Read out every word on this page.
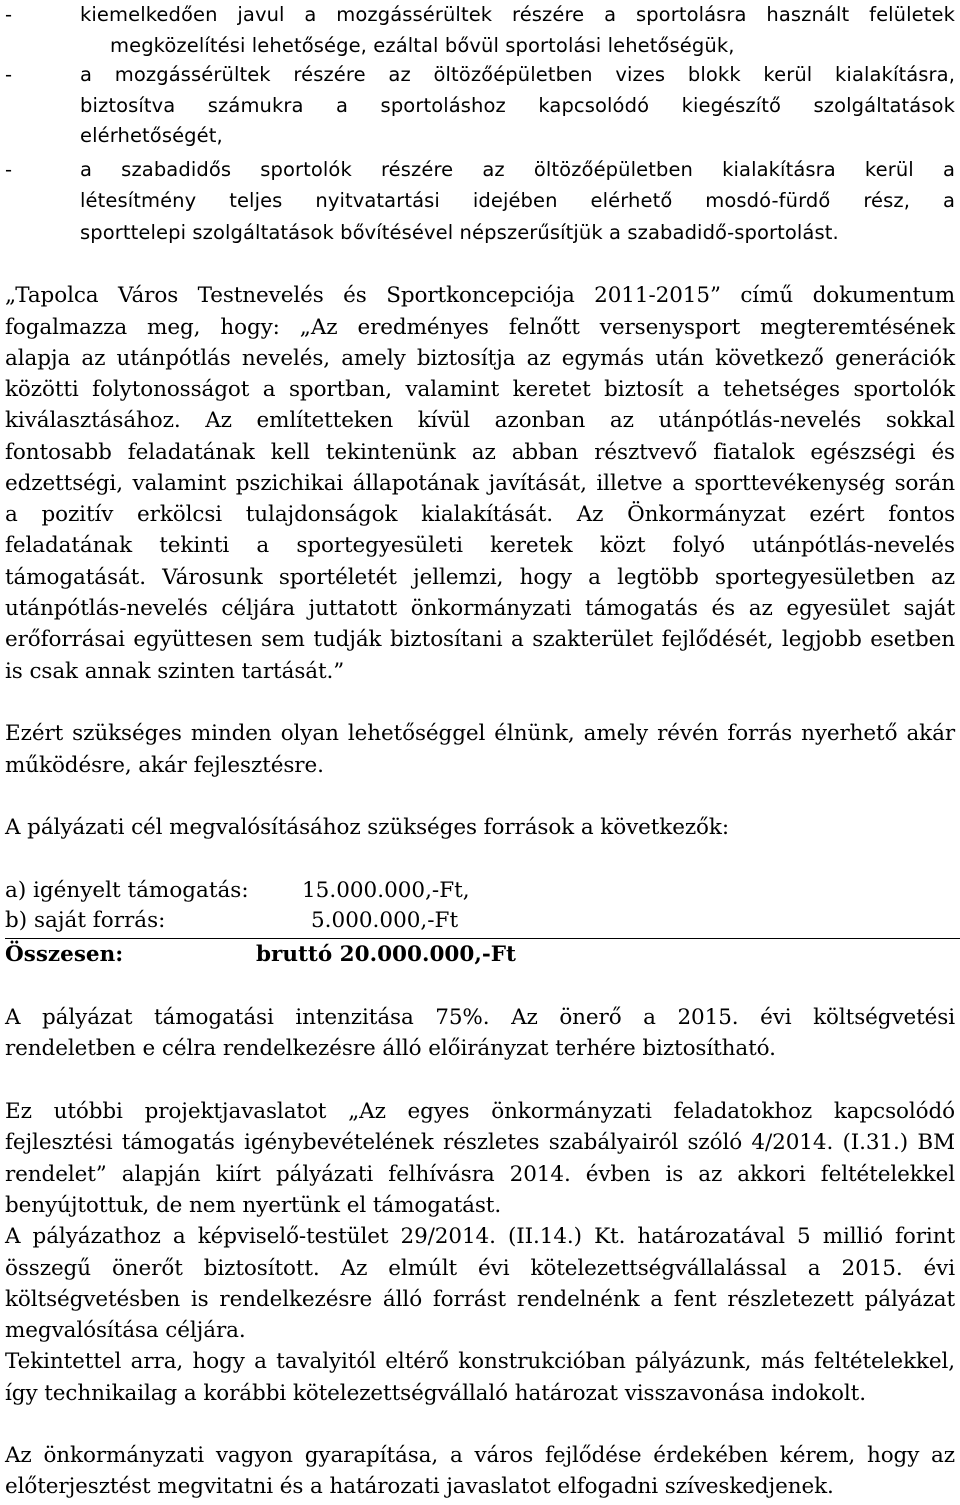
-	kiemelkedően javul a mozgássérültek részére a sportolásra használt felületek
megközelítési lehetősége, ezáltal bővül sportolási lehetőségük,
-	a mozgássérültek részére az öltözőépületben vizes blokk kerül kialakításra,
biztosítva számukra a sportoláshoz kapcsolódó kiegészítő szolgáltatások
elérhetőségét,
-	a szabadidős sportolók részére az öltözőépületben kialakításra kerül a
létesítmény teljes nyitvatartási idejében elérhető mosdó-fürdő rész, a
sporttelepi szolgáltatások bővítésével népszerűsítjük a szabadidő-sportolást.
„Tapolca Város Testnevelés és Sportkoncepciója 2011-2015” című dokumentum
fogalmazza meg, hogy: „Az eredményes felnőtt versenysport megteremtésének
alapja az utánpótlás nevelés, amely biztosítja az egymás után következő generációk
közötti folytonosságot a sportban, valamint keretet biztosít a tehetséges sportolók
kiválasztásához. Az említetteken kívül azonban az utánpótlás-nevelés sokkal
fontosabb feladatának kell tekintenünk az abban résztvevő fiatalok egészségi és
edzettségi, valamint pszichikai állapotának javítását, illetve a sporttevékenység során
a pozitív erkölcsi tulajdonságok kialakítását. Az Önkormányzat ezért fontos
feladatának tekinti a sportegyesületi keretek közt folyó utánpótlás-nevelés
támogatását. Városunk sportéletét jellemzi, hogy a legtöbb sportegyesületben az
utánpótlás-nevelés céljára juttatott önkormányzati támogatás és az egyesület saját
erőforrásai együttesen sem tudják biztosítani a szakterület fejlődését, legjobb esetben
is csak annak szinten tartását.”
Ezért szükséges minden olyan lehetőséggel élnünk, amely révén forrás nyerhető akár
működésre, akár fejlesztésre.
A pályázati cél megvalósításához szükséges források a következők:
a) igényelt támogatás: 15.000.000,-Ft,
b) saját forrás:	5.000.000,-Ft
Összesen:	bruttó 20.000.000,-Ft
A pályázat támogatási intenzitása 75%. Az önerő a 2015. évi költségvetési
rendeletben e célra rendelkezésre álló előirányzat terhére biztosítható.
Ez utóbbi projektjavaslatot „Az egyes önkormányzati feladatokhoz kapcsolódó
fejlesztési támogatás igénybevételének részletes szabályairól szóló 4/2014. (I.31.) BM
rendelet” alapján kiírt pályázati felhívásra 2014. évben is az akkori feltételekkel
benyújtottuk, de nem nyertünk el támogatást.
A pályázathoz a képviselő-testület 29/2014. (II.14.) Kt. határozatával 5 millió forint
összegű önerőt biztosított. Az elmúlt évi kötelezettségvállalással a 2015. évi
költségvetésben is rendelkezésre álló forrást rendelnénk a fent részletezett pályázat
megvalósítása céljára.
Tekintettel arra, hogy a tavalyitól eltérő konstrukcióban pályázunk, más feltételekkel,
így technikailag a korábbi kötelezettségvállaló határozat visszavonása indokolt.
Az önkormányzati vagyon gyarapítása, a város fejlődése érdekében kérem, hogy az
előterjesztést megvitatni és a határozati javaslatot elfogadni szíveskedjenek.
